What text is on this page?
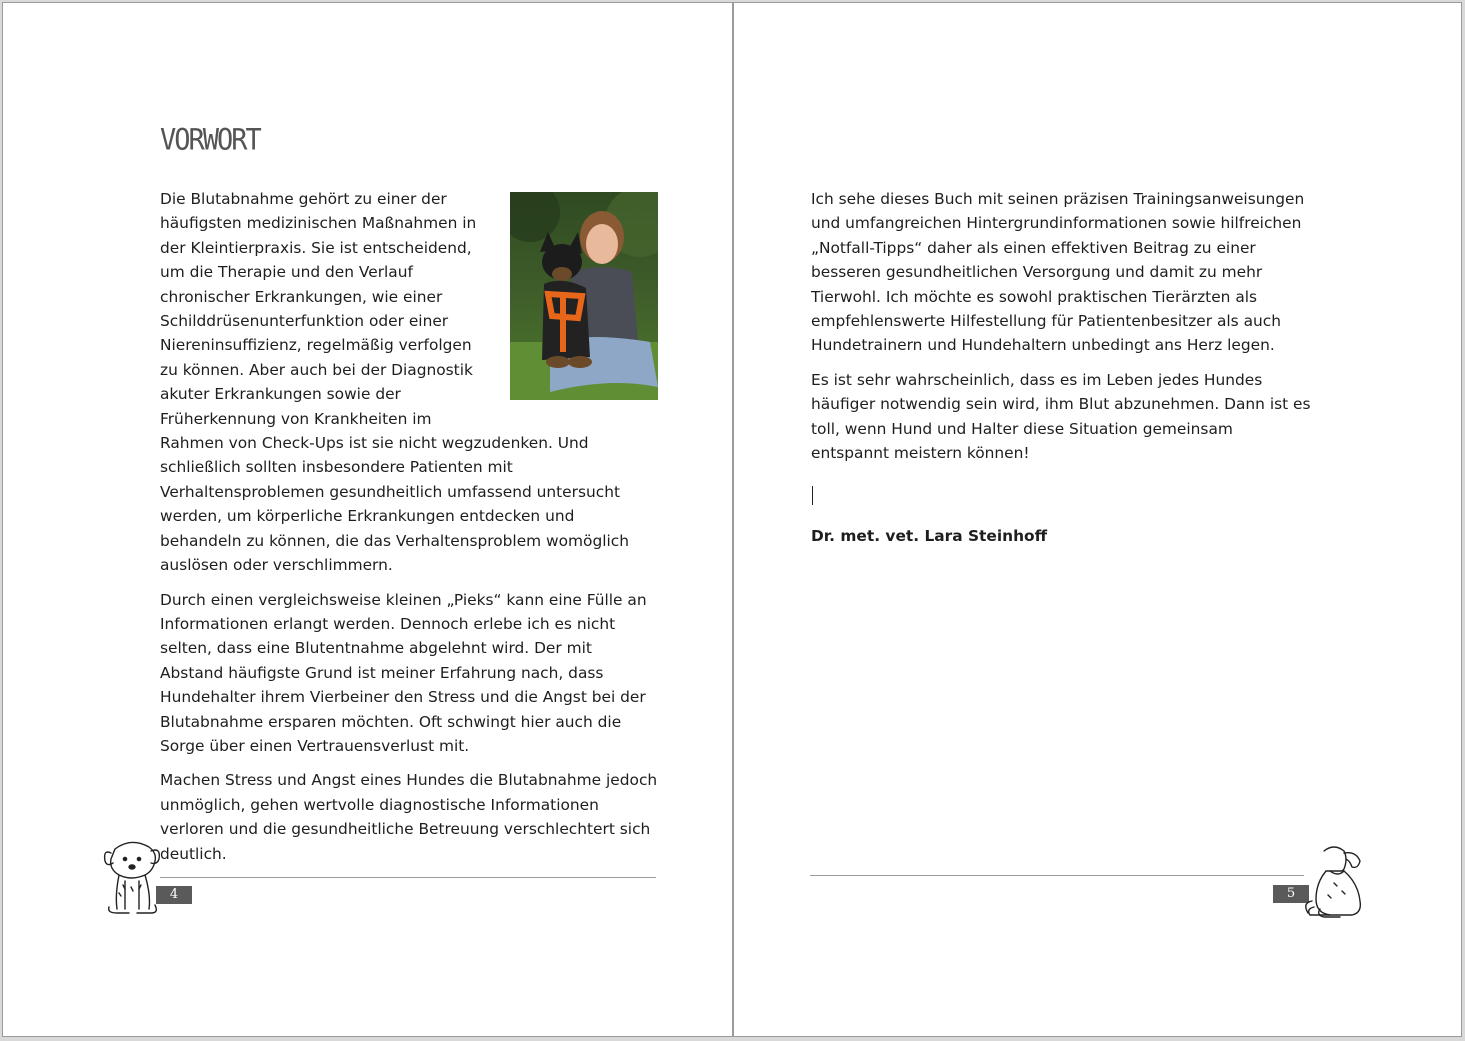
VORWORT

Die Blutabnahme gehört zu einer der häufigsten medizinischen Maßnahmen in der Kleintierpraxis. Sie ist entscheidend, um die Therapie und den Verlauf chronischer Erkrankungen, wie einer Schilddrüsenunterfunktion oder einer Niereninsuffizienz, regelmäßig verfolgen zu können. Aber auch bei der Diagnostik akuter Erkrankungen sowie der Früherkennung von Krankheiten im Rahmen von Check-Ups ist sie nicht wegzudenken. Und schließlich sollten insbesondere Patienten mit Verhaltensproblemen gesundheitlich umfassend untersucht werden, um körperliche Erkrankungen entdecken und behandeln zu können, die das Verhaltensproblem womöglich auslösen oder verschlimmern.

Durch einen vergleichsweise kleinen „Pieks“ kann eine Fülle an Informationen erlangt werden. Dennoch erlebe ich es nicht selten, dass eine Blutentnahme abgelehnt wird. Der mit Abstand häufigste Grund ist meiner Erfahrung nach, dass Hundehalter ihrem Vierbeiner den Stress und die Angst bei der Blutabnahme ersparen möchten. Oft schwingt hier auch die Sorge über einen Vertrauensverlust mit.

Machen Stress und Angst eines Hundes die Blutabnahme jedoch unmöglich, gehen wertvolle diagnostische Informationen verloren und die gesundheitliche Betreuung verschlechtert sich deutlich.

4

Ich sehe dieses Buch mit seinen präzisen Trainingsanweisungen und umfangreichen Hintergrundinformationen sowie hilfreichen „Notfall-Tipps“ daher als einen effektiven Beitrag zu einer besseren gesundheitlichen Versorgung und damit zu mehr Tierwohl. Ich möchte es sowohl praktischen Tierärzten als empfehlenswerte Hilfestellung für Patientenbesitzer als auch Hundetrainern und Hundehaltern unbedingt ans Herz legen.

Es ist sehr wahrscheinlich, dass es im Leben jedes Hundes häufiger notwendig sein wird, ihm Blut abzunehmen. Dann ist es toll, wenn Hund und Halter diese Situation gemeinsam entspannt meistern können!

Dr. met. vet. Lara Steinhoff
5
